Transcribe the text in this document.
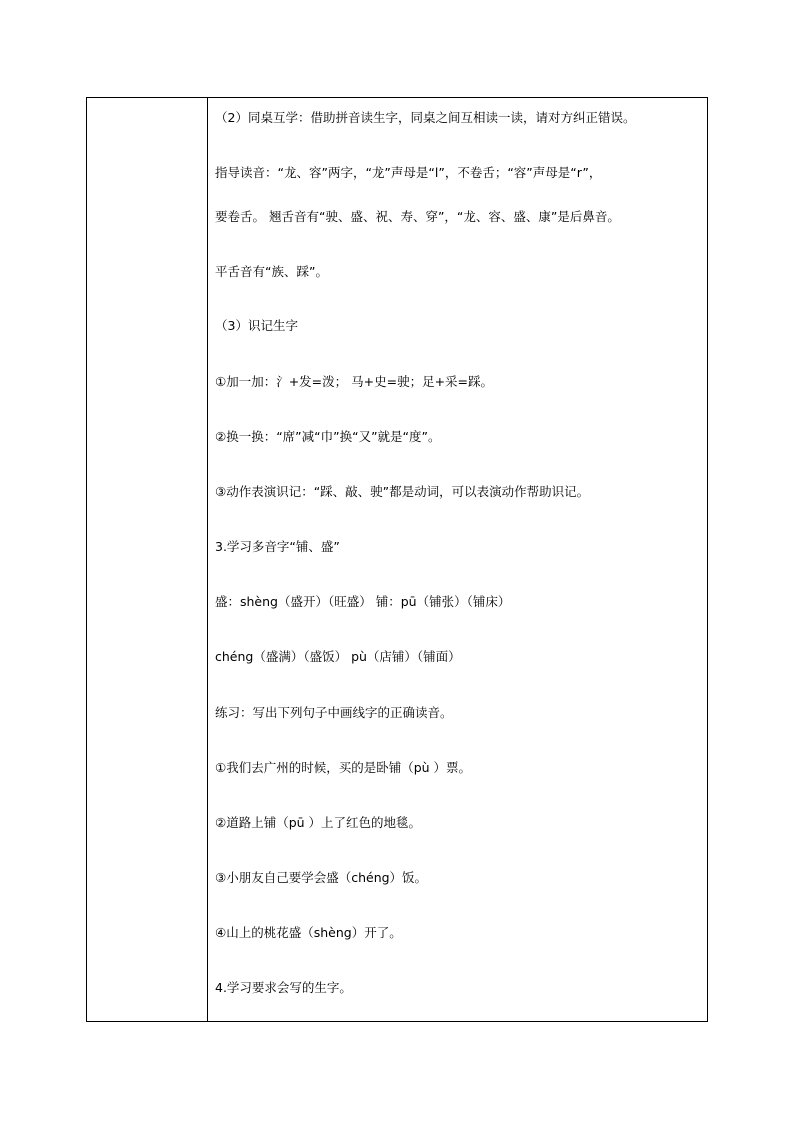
（2）同桌互学：借助拼音读生字，同桌之间互相读一读，请对方纠正错误。
指导读音：“龙、容”两字，“龙”声母是“l”，不卷舌；“容”声母是“r”，
要卷舌。 翘舌音有“驶、盛、祝、寿、穿”，“龙、容、盛、康”是后鼻音。
平舌音有“族、踩”。
（3）识记生字
①加一加：氵+发=泼； 马+史=驶；足+采=踩。
②换一换：“席”减“巾”换“又”就是“度”。
③动作表演识记：“踩、敲、驶”都是动词，可以表演动作帮助识记。
3.学习多音字“铺、盛”
盛：shèng（盛开）（旺盛） 铺：pū（铺张）（铺床）
chéng（盛满）（盛饭） pù（店铺）（铺面）
练习：写出下列句子中画线字的正确读音。
①我们去广州的时候，买的是卧铺（pù ）票。
②道路上铺（pū ）上了红色的地毯。
③小朋友自己要学会盛（chéng）饭。
④山上的桃花盛（shèng）开了。
4.学习要求会写的生字。
